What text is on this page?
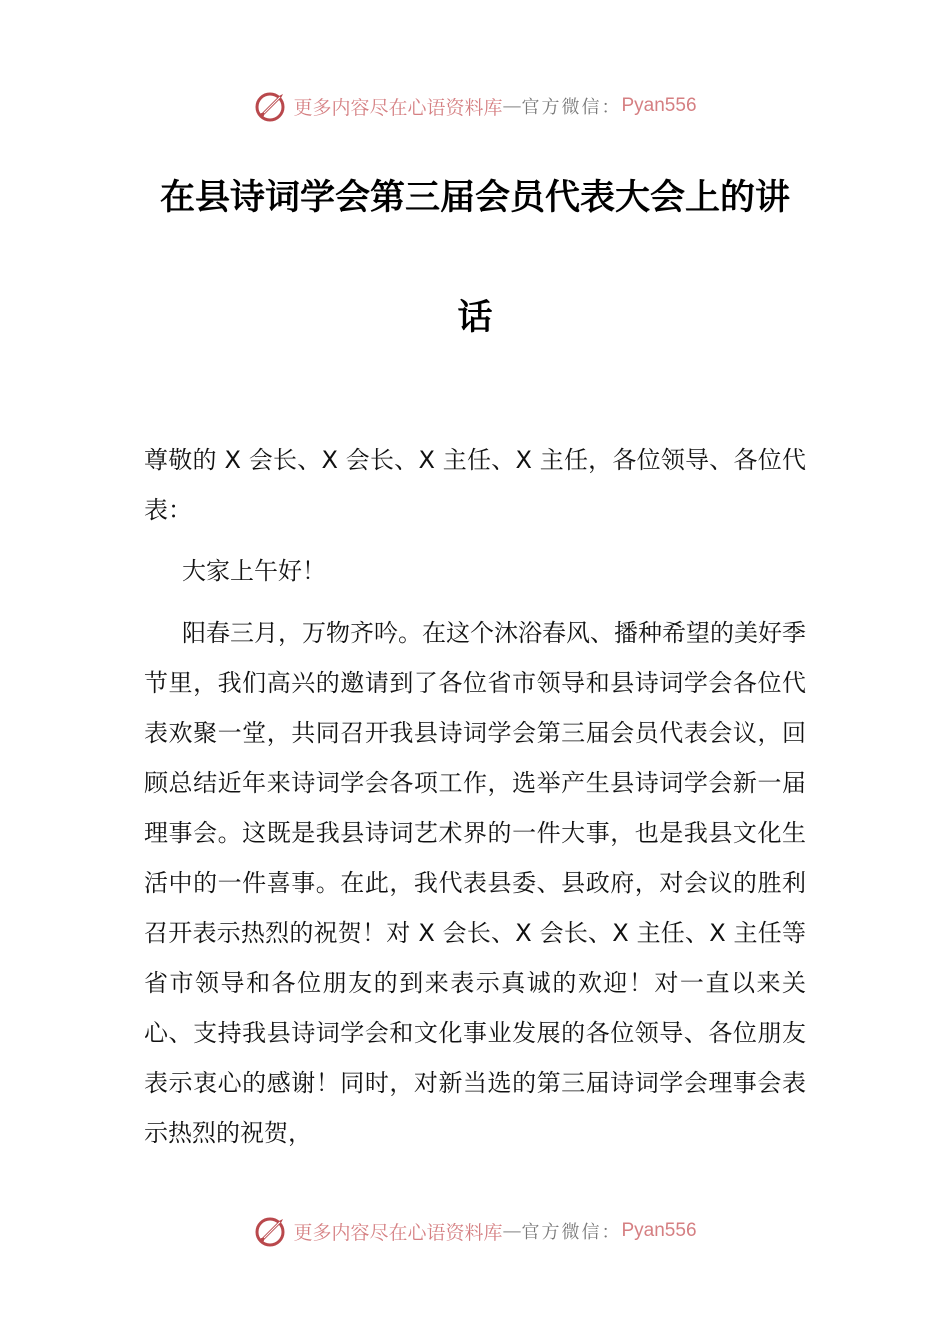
更多内容尽在心语资料库 — 官方微信： Pyan556
在县诗词学会第三届会员代表大会上的讲
话

尊敬的 X 会长、X 会长、X 主任、X 主任，各位领导、各位代表：

大家上午好！

阳春三月，万物齐吟。在这个沐浴春风、播种希望的美好季节里，我们高兴的邀请到了各位省市领导和县诗词学会各位代表欢聚一堂，共同召开我县诗词学会第三届会员代表会议，回顾总结近年来诗词学会各项工作，选举产生县诗词学会新一届理事会。这既是我县诗词艺术界的一件大事，也是我县文化生活中的一件喜事。在此，我代表县委、县政府，对会议的胜利召开表示热烈的祝贺！对 X 会长、X 会长、X 主任、X 主任等省市领导和各位朋友的到来表示真诚的欢迎！对一直以来关心、支持我县诗词学会和文化事业发展的各位领导、各位朋友表示衷心的感谢！同时，对新当选的第三届诗词学会理事会表示热烈的祝贺，

更多内容尽在心语资料库 — 官方微信： Pyan556
